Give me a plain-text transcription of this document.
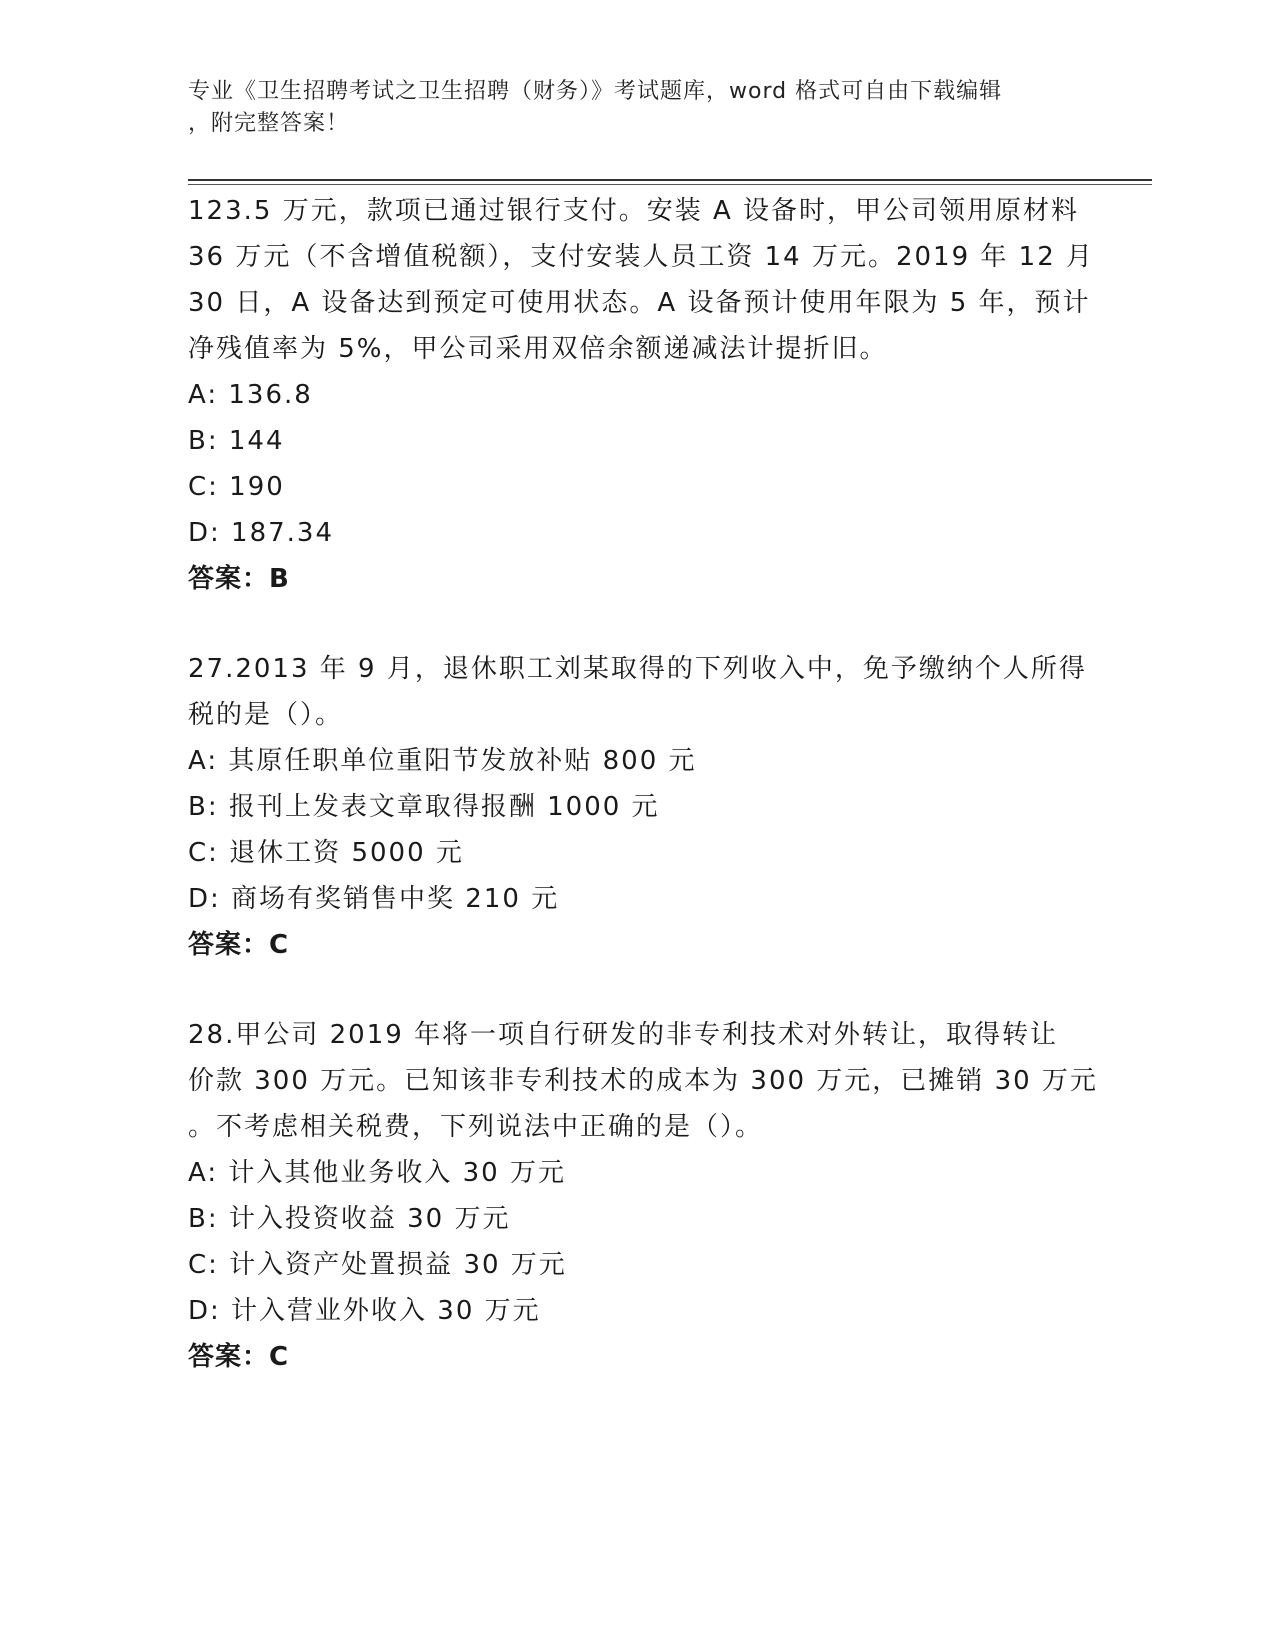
专业《卫生招聘考试之卫生招聘（财务）》考试题库，word 格式可自由下载编辑
，附完整答案！
123.5 万元，款项已通过银行支付。安装 A 设备时，甲公司领用原材料
36 万元（不含增值税额），支付安装人员工资 14 万元。2019 年 12 月
30 日，A 设备达到预定可使用状态。A 设备预计使用年限为 5 年，预计
净残值率为 5%，甲公司采用双倍余额递减法计提折旧。
A: 136.8
B: 144
C: 190
D: 187.34
答案：B
27.2013 年 9 月，退休职工刘某取得的下列收入中，免予缴纳个人所得
税的是（）。
A: 其原任职单位重阳节发放补贴 800 元
B: 报刊上发表文章取得报酬 1000 元
C: 退休工资 5000 元
D: 商场有奖销售中奖 210 元
答案：C
28.甲公司 2019 年将一项自行研发的非专利技术对外转让，取得转让
价款 300 万元。已知该非专利技术的成本为 300 万元，已摊销 30 万元
。不考虑相关税费，下列说法中正确的是（）。
A: 计入其他业务收入 30 万元
B: 计入投资收益 30 万元
C: 计入资产处置损益 30 万元
D: 计入营业外收入 30 万元
答案：C
